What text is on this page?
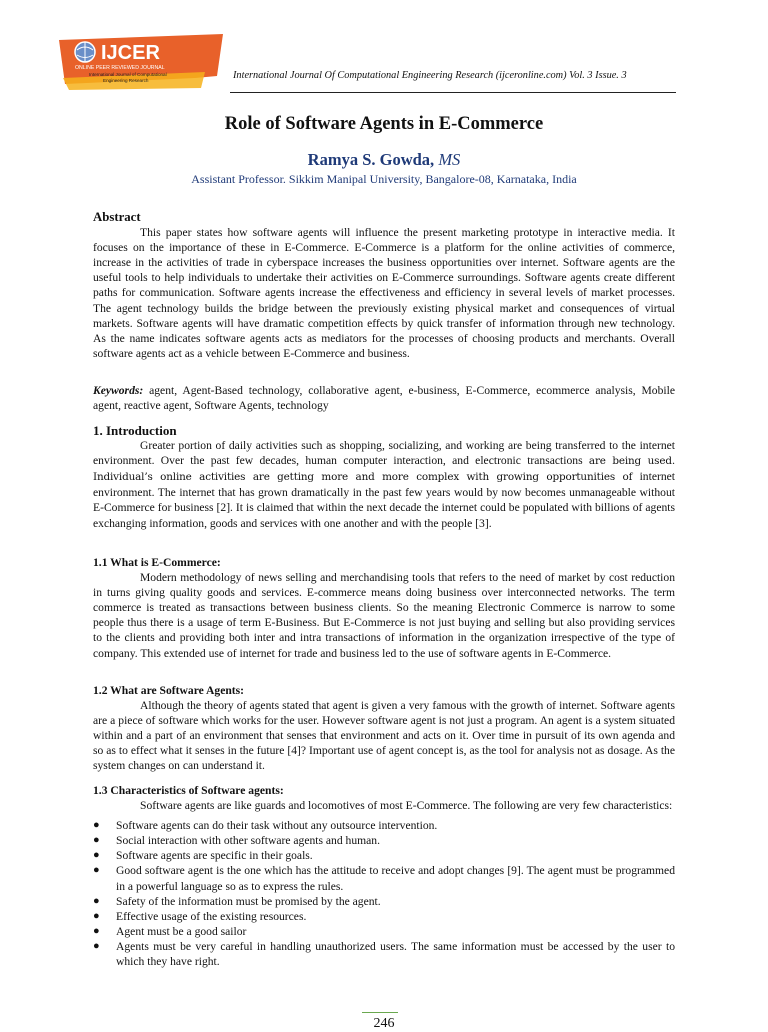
IJCER
ONLINE PEER REVIEWED JOURNAL
International Journal of Computational
Engineering Research	International Journal Of Computational Engineering Research (ijceronline.com) Vol. 3 Issue. 3
Role of Software Agents in E-Commerce
Ramya S. Gowda, MS
Assistant Professor. Sikkim Manipal University, Bangalore-08, Karnataka, India
Abstract

This paper states how software agents will influence the present marketing prototype in interactive media. It focuses on the importance of these in E-Commerce. E-Commerce is a platform for the online activities of commerce, increase in the activities of trade in cyberspace increases the business opportunities over internet. Software agents are the useful tools to help individuals to undertake their activities on E-Commerce surroundings. Software agents create different paths for communication. Software agents increase the effectiveness and efficiency in several levels of market processes. The agent technology builds the bridge between the previously existing physical market and consequences of virtual markets. Software agents will have dramatic competition effects by quick transfer of information through new technology. As the name indicates software agents acts as mediators for the processes of choosing products and merchants. Overall software agents act as a vehicle between E-Commerce and business.

Keywords: agent, Agent-Based technology, collaborative agent, e-business, E-Commerce, ecommerce analysis, Mobile agent, reactive agent, Software Agents, technology

1. Introduction

Greater portion of daily activities such as shopping, socializing, and working are being transferred to the internet environment. Over the past few decades, human computer interaction, and electronic transactions are being used. Individual’s online activities are getting more and more complex with growing opportunities of internet environment. The internet that has grown dramatically in the past few years would by now becomes unmanageable without E-Commerce for business [2]. It is claimed that within the next decade the internet could be populated with billions of agents exchanging information, goods and services with one another and with the people [3].

1.1 What is E-Commerce:

Modern methodology of news selling and merchandising tools that refers to the need of market by cost reduction in turns giving quality goods and services. E-commerce means doing business over interconnected networks. The term commerce is treated as transactions between business clients. So the meaning Electronic Commerce is narrow to some people thus there is a usage of term E-Business. But E-Commerce is not just buying and selling but also providing services to the clients and providing both inter and intra transactions of information in the organization irrespective of the type of company. This extended use of internet for trade and business led to the use of software agents in E-Commerce.

1.2 What are Software Agents:

Although the theory of agents stated that agent is given a very famous with the growth of internet. Software agents are a piece of software which works for the user. However software agent is not just a program. An agent is a system situated within and a part of an environment that senses that environment and acts on it. Over time in pursuit of its own agenda and so as to effect what it senses in the future [4]? Important use of agent concept is, as the tool for analysis not as dosage. As the system changes on can understand it.

1.3 Characteristics of Software agents:

Software agents are like guards and locomotives of most E-Commerce. The following are very few characteristics:

● Software agents can do their task without any outsource intervention.
● Social interaction with other software agents and human.
● Software agents are specific in their goals.
● Good software agent is the one which has the attitude to receive and adopt changes [9]. The agent must be programmed in a powerful language so as to express the rules.
● Safety of the information must be promised by the agent.
● Effective usage of the existing resources.
● Agent must be a good sailor
● Agents must be very careful in handling unauthorized users. The same information must be accessed by the user to which they have right.
246
